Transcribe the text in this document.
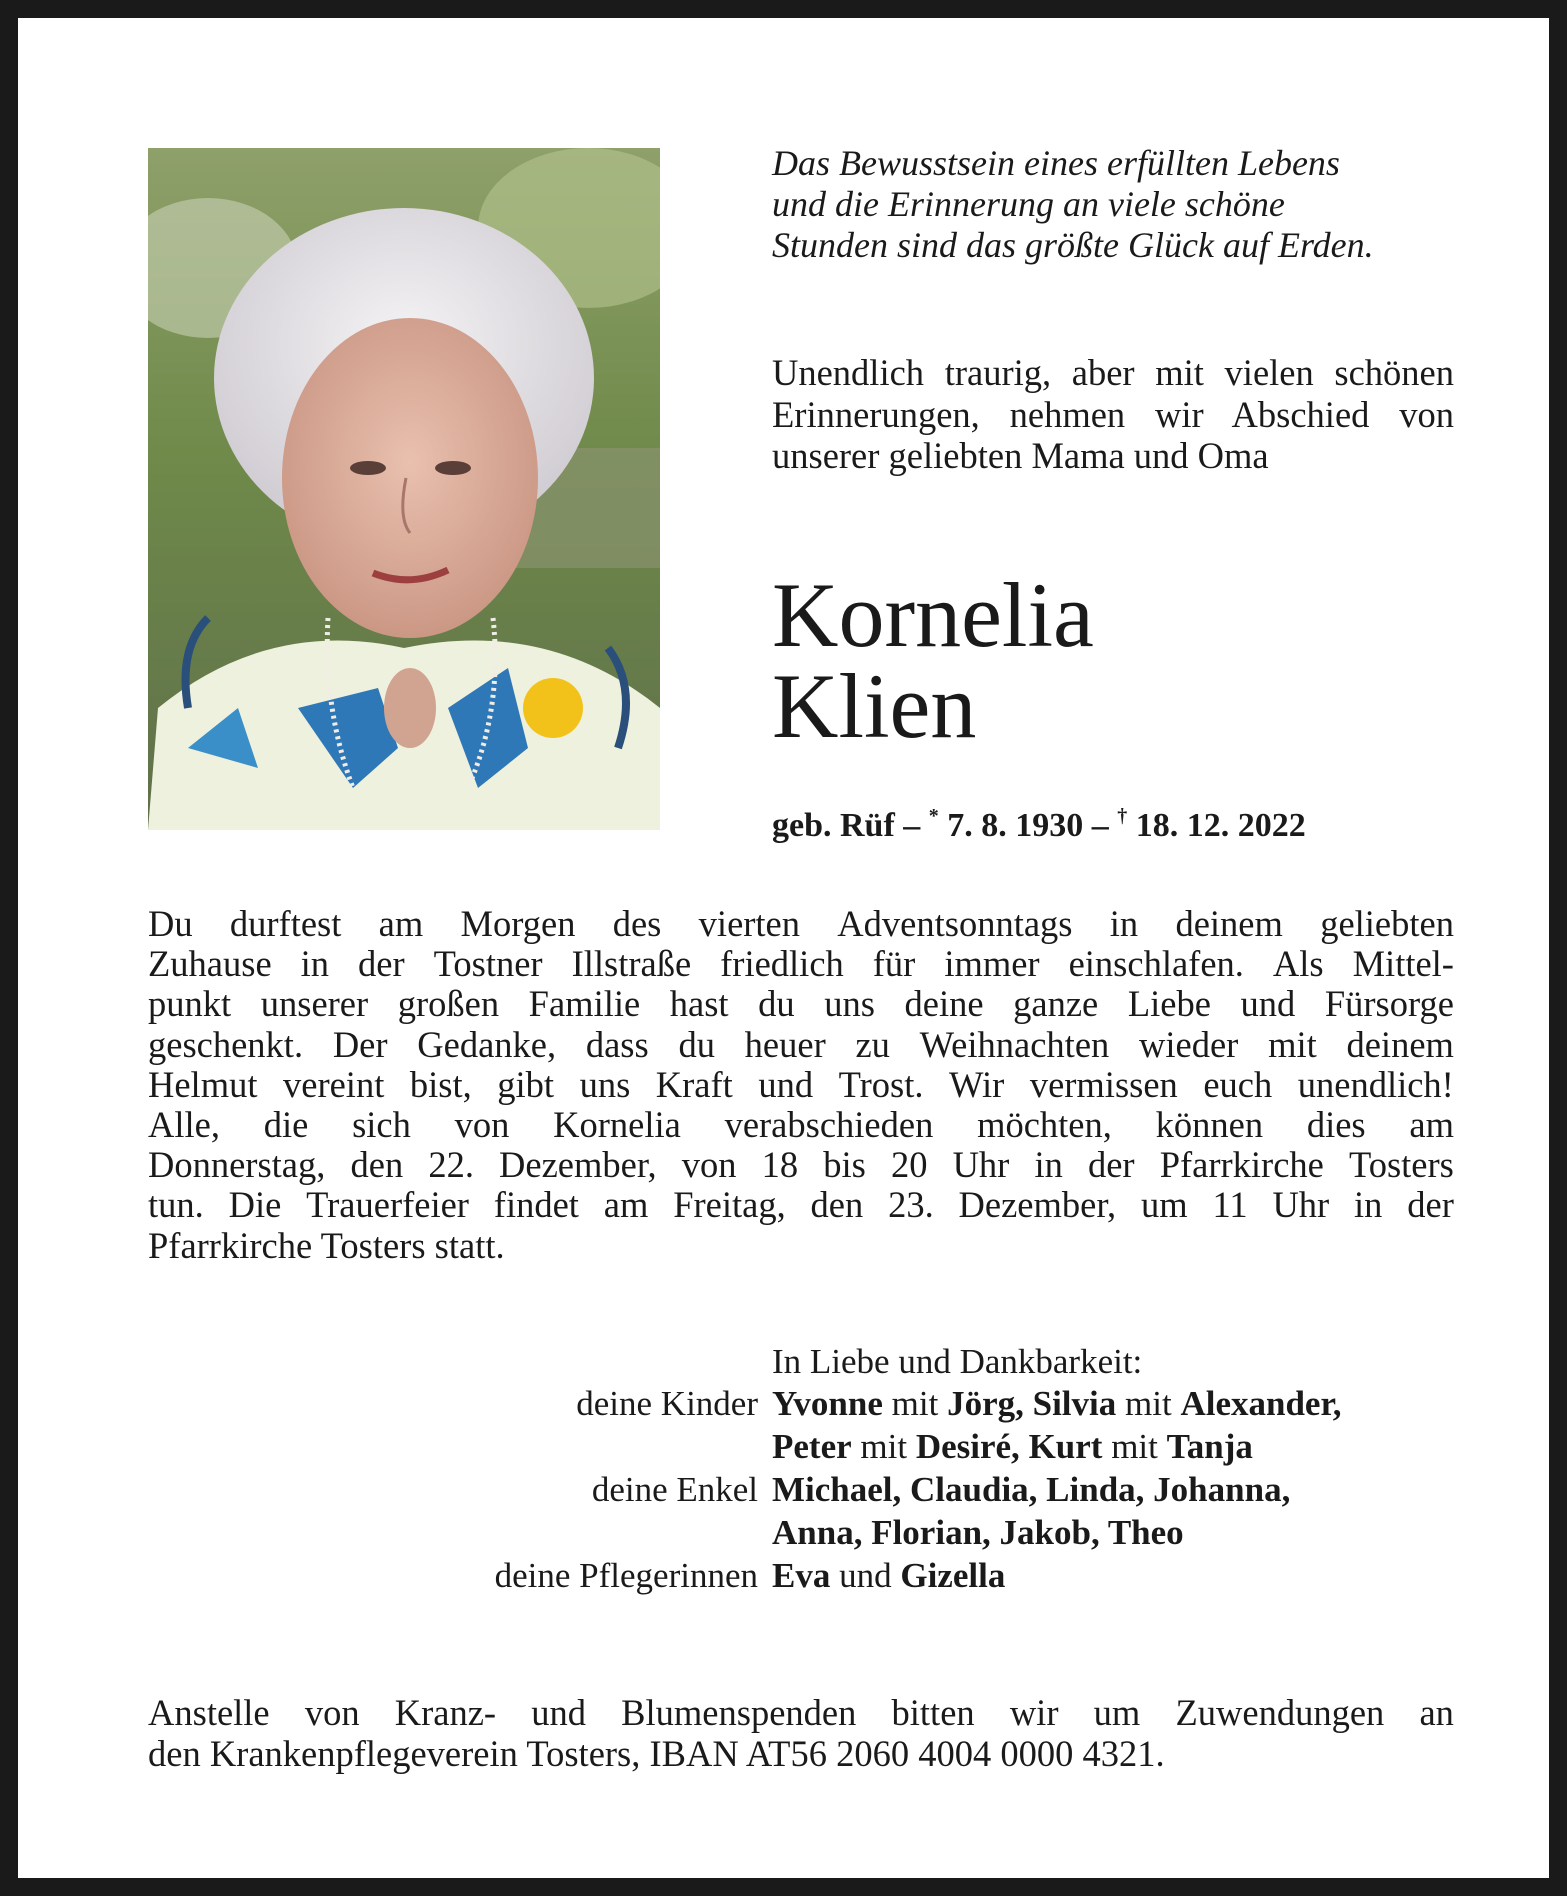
Das Bewusstsein eines erfüllten Lebens
und die Erinnerung an viele schöne
Stunden sind das größte Glück auf Erden.
Unendlich traurig, aber mit vielen schönen Erinnerungen, nehmen wir Abschied von unserer geliebten Mama und Oma
Kornelia
Klien
geb. Rüf – * 7. 8. 1930 – † 18. 12. 2022
Du durftest am Morgen des vierten Adventsonntags in deinem geliebten
Zuhause in der Tostner Illstraße friedlich für immer einschlafen. Als Mittel-
punkt unserer großen Familie hast du uns deine ganze Liebe und Fürsorge
geschenkt. Der Gedanke, dass du heuer zu Weihnachten wieder mit deinem
Helmut vereint bist, gibt uns Kraft und Trost. Wir vermissen euch unendlich!
Alle, die sich von Kornelia verabschieden möchten, können dies am
Donnerstag, den 22. Dezember, von 18 bis 20 Uhr in der Pfarrkirche Tosters
tun. Die Trauerfeier findet am Freitag, den 23. Dezember, um 11 Uhr in der
Pfarrkirche Tosters statt.
In Liebe und Dankbarkeit:
deine Kinder Yvonne mit Jörg, Silvia mit Alexander,
Peter mit Desiré, Kurt mit Tanja
deine Enkel Michael, Claudia, Linda, Johanna,
Anna, Florian, Jakob, Theo
deine Pflegerinnen Eva und Gizella
Anstelle von Kranz- und Blumenspenden bitten wir um Zuwendungen an
den Krankenpflegeverein Tosters, IBAN AT56 2060 4004 0000 4321.
